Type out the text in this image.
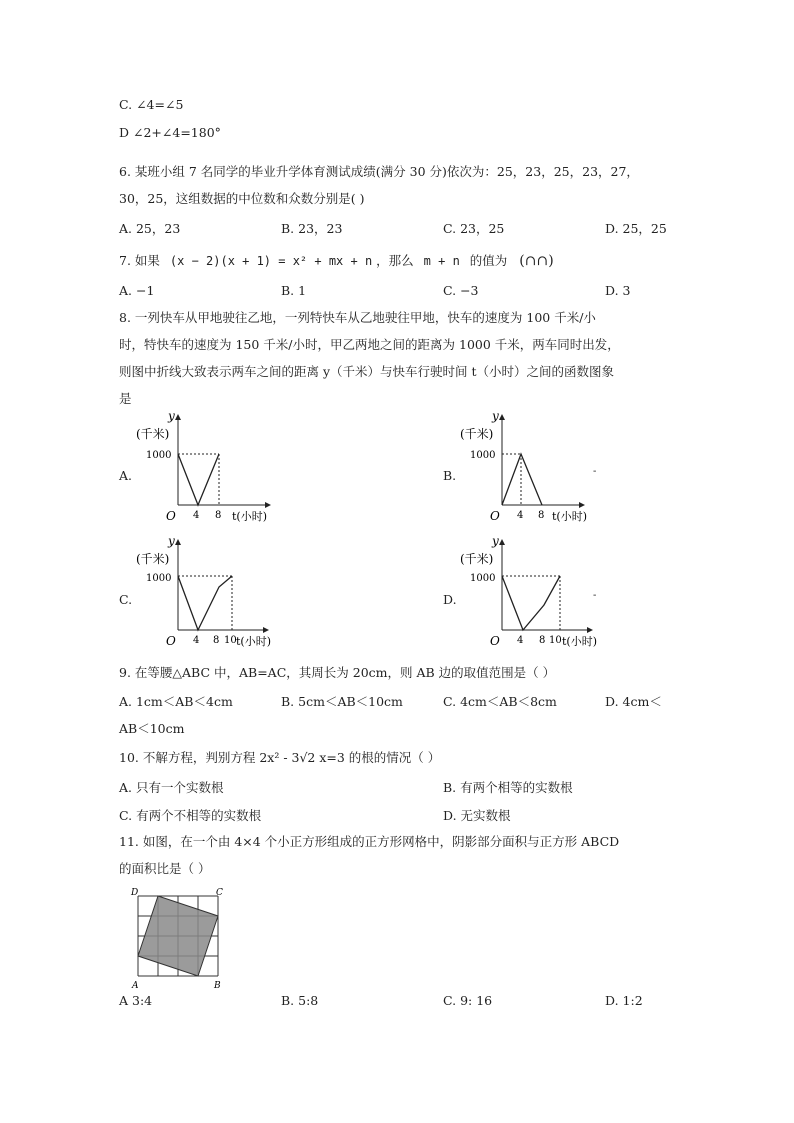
C. ∠4=∠5
D ∠2+∠4=180°
6. 某班小组 7 名同学的毕业升学体育测试成绩(满分 30 分)依次为：25，23，25，23，27，
30，25，这组数据的中位数和众数分别是( )
A. 25，23	B. 23，23	C. 23，25	D. 25，25
7. 如果 (x − 2)(x + 1) = x² + mx + n ，那么 m + n 的值为 (∩∩)
A. −1	B. 1	C. −3	D. 3
8. 一列快车从甲地驶往乙地，一列特快车从乙地驶往甲地，快车的速度为 100 千米/小
时，特快车的速度为 150 千米/小时，甲乙两地之间的距离为 1000 千米，两车同时出发，
则图中折线大致表示两车之间的距离 y（千米）与快车行驶时间 t（小时）之间的函数图象
是
A.	B.
C.	D.
y
(千米)
1000
O 4 8 t(小时)
y
(千米)
1000
O 4 8 t(小时)
-
y
(千米)
1000
O 4 8 10 t(小时)
y
(千米)
1000
O 4 8 10 t(小时)
-
9. 在等腰△ABC 中，AB=AC，其周长为 20cm，则 AB 边的取值范围是（ ）
A. 1cm＜AB＜4cm	B. 5cm＜AB＜10cm	C. 4cm＜AB＜8cm	D. 4cm＜
AB＜10cm
10. 不解方程，判别方程 2x² - 3√2 x=3 的根的情况（ ）
A. 只有一个实数根	B. 有两个相等的实数根
C. 有两个不相等的实数根	D. 无实数根
11. 如图，在一个由 4×4 个小正方形组成的正方形网格中，阴影部分面积与正方形 ABCD
的面积比是（ ）
D	C
A	B
A 3:4	B. 5:8	C. 9: 16	D. 1:2
